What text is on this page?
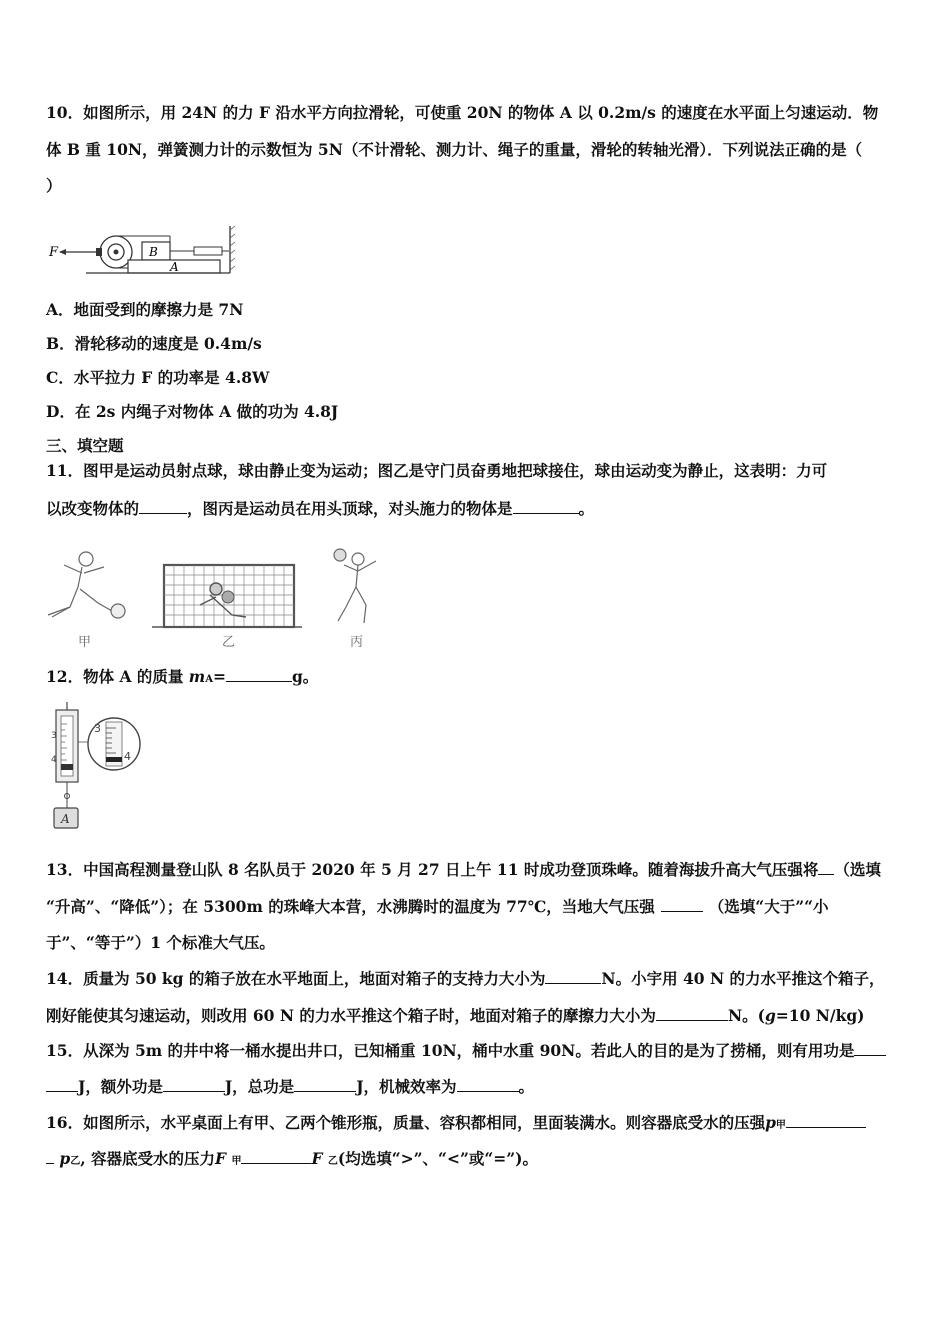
10．如图所示，用 24N 的力 F 沿水平方向拉滑轮，可使重 20N 的物体 A 以 0.2m/s 的速度在水平面上匀速运动．物
体 B 重 10N，弹簧测力计的示数恒为 5N（不计滑轮、测力计、绳子的重量，滑轮的转轴光滑）．下列说法正确的是（
）
F	B
A
A．地面受到的摩擦力是 7N
B．滑轮移动的速度是 0.4m/s
C．水平拉力 F 的功率是 4.8W
D．在 2s 内绳子对物体 A 做的功为 4.8J
三、填空题
11．图甲是运动员射点球，球由静止变为运动；图乙是守门员奋勇地把球接住，球由运动变为静止，这表明：力可
以改变物体的	，图丙是运动员在用头顶球，对头施力的物体是	。
甲	乙	丙
12．物体 A 的质量 mA=	g。
3
4
3
4
A
13．中国高程测量登山队 8 名队员于 2020 年 5 月 27 日上午 11 时成功登顶珠峰。随着海拔升高大气压强将 （选填
“升高”、“降低”）；在 5300m 的珠峰大本营，水沸腾时的温度为 77℃，当地大气压强	（选填“大于”“小
于”、“等于”）1 个标准大气压。
14．质量为 50 kg 的箱子放在水平地面上，地面对箱子的支持力大小为	N。小宇用 40 N 的力水平推这个箱子，
刚好能使其匀速运动，则改用 60 N 的力水平推这个箱子时，地面对箱子的摩擦力大小为	N。(g=10 N/kg)
15．从深为 5m 的井中将一桶水提出井口，已知桶重 10N，桶中水重 90N。若此人的目的是为了捞桶，则有用功是
J，额外功是	J，总功是	J，机械效率为	。
16．如图所示，水平桌面上有甲、乙两个锥形瓶，质量、容积都相同，里面装满水。则容器底受水的压强p甲
p乙, 容器底受水的压力F 甲	F 乙(均选填“>”、“<”或“=”)。
